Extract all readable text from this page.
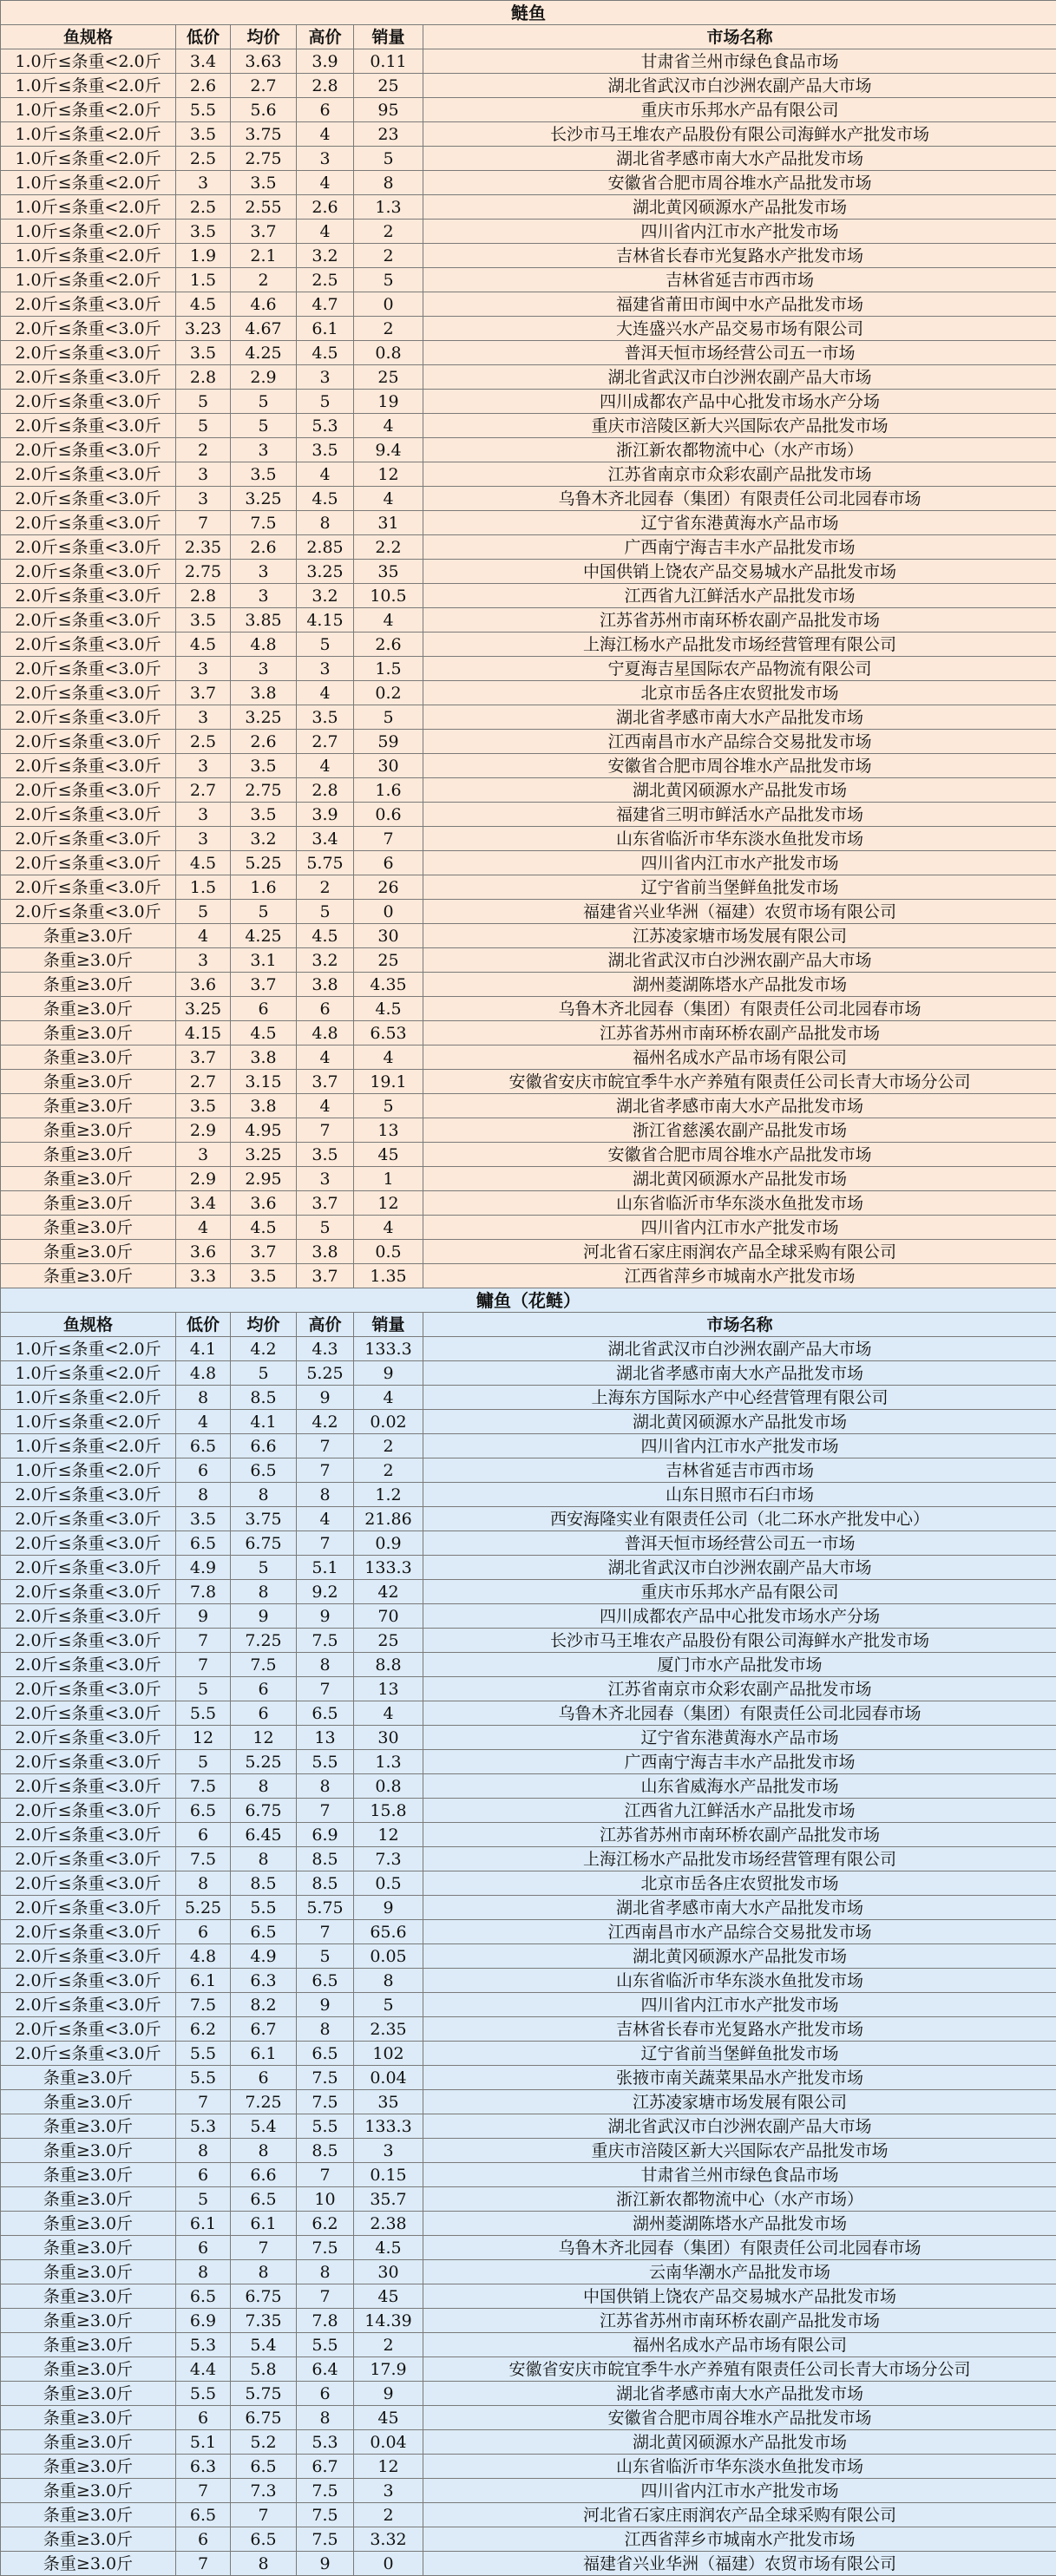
鲢鱼					
鱼规格	低价	均价	高价	销量	市场名称
1.0斤≤条重<2.0斤	3.4	3.63	3.9	0.11	甘肃省兰州市绿色食品市场
1.0斤≤条重<2.0斤	2.6	2.7	2.8	25	湖北省武汉市白沙洲农副产品大市场
1.0斤≤条重<2.0斤	5.5	5.6	6	95	重庆市乐邦水产品有限公司
1.0斤≤条重<2.0斤	3.5	3.75	4	23	长沙市马王堆农产品股份有限公司海鲜水产批发市场
1.0斤≤条重<2.0斤	2.5	2.75	3	5	湖北省孝感市南大水产品批发市场
1.0斤≤条重<2.0斤	3	3.5	4	8	安徽省合肥市周谷堆水产品批发市场
1.0斤≤条重<2.0斤	2.5	2.55	2.6	1.3	湖北黄冈硕源水产品批发市场
1.0斤≤条重<2.0斤	3.5	3.7	4	2	四川省内江市水产批发市场
1.0斤≤条重<2.0斤	1.9	2.1	3.2	2	吉林省长春市光复路水产批发市场
1.0斤≤条重<2.0斤	1.5	2	2.5	5	吉林省延吉市西市场
2.0斤≤条重<3.0斤	4.5	4.6	4.7	0	福建省莆田市闽中水产品批发市场
2.0斤≤条重<3.0斤	3.23	4.67	6.1	2	大连盛兴水产品交易市场有限公司
2.0斤≤条重<3.0斤	3.5	4.25	4.5	0.8	普洱天恒市场经营公司五一市场
2.0斤≤条重<3.0斤	2.8	2.9	3	25	湖北省武汉市白沙洲农副产品大市场
2.0斤≤条重<3.0斤	5	5	5	19	四川成都农产品中心批发市场水产分场
2.0斤≤条重<3.0斤	5	5	5.3	4	重庆市涪陵区新大兴国际农产品批发市场
2.0斤≤条重<3.0斤	2	3	3.5	9.4	浙江新农都物流中心（水产市场）
2.0斤≤条重<3.0斤	3	3.5	4	12	江苏省南京市众彩农副产品批发市场
2.0斤≤条重<3.0斤	3	3.25	4.5	4	乌鲁木齐北园春（集团）有限责任公司北园春市场
2.0斤≤条重<3.0斤	7	7.5	8	31	辽宁省东港黄海水产品市场
2.0斤≤条重<3.0斤	2.35	2.6	2.85	2.2	广西南宁海吉丰水产品批发市场
2.0斤≤条重<3.0斤	2.75	3	3.25	35	中国供销上饶农产品交易城水产品批发市场
2.0斤≤条重<3.0斤	2.8	3	3.2	10.5	江西省九江鲜活水产品批发市场
2.0斤≤条重<3.0斤	3.5	3.85	4.15	4	江苏省苏州市南环桥农副产品批发市场
2.0斤≤条重<3.0斤	4.5	4.8	5	2.6	上海江杨水产品批发市场经营管理有限公司
2.0斤≤条重<3.0斤	3	3	3	1.5	宁夏海吉星国际农产品物流有限公司
2.0斤≤条重<3.0斤	3.7	3.8	4	0.2	北京市岳各庄农贸批发市场
2.0斤≤条重<3.0斤	3	3.25	3.5	5	湖北省孝感市南大水产品批发市场
2.0斤≤条重<3.0斤	2.5	2.6	2.7	59	江西南昌市水产品综合交易批发市场
2.0斤≤条重<3.0斤	3	3.5	4	30	安徽省合肥市周谷堆水产品批发市场
2.0斤≤条重<3.0斤	2.7	2.75	2.8	1.6	湖北黄冈硕源水产品批发市场
2.0斤≤条重<3.0斤	3	3.5	3.9	0.6	福建省三明市鲜活水产品批发市场
2.0斤≤条重<3.0斤	3	3.2	3.4	7	山东省临沂市华东淡水鱼批发市场
2.0斤≤条重<3.0斤	4.5	5.25	5.75	6	四川省内江市水产批发市场
2.0斤≤条重<3.0斤	1.5	1.6	2	26	辽宁省前当堡鲜鱼批发市场
2.0斤≤条重<3.0斤	5	5	5	0	福建省兴业华洲（福建）农贸市场有限公司
条重≥3.0斤	4	4.25	4.5	30	江苏凌家塘市场发展有限公司
条重≥3.0斤	3	3.1	3.2	25	湖北省武汉市白沙洲农副产品大市场
条重≥3.0斤	3.6	3.7	3.8	4.35	湖州菱湖陈塔水产品批发市场
条重≥3.0斤	3.25	6	6	4.5	乌鲁木齐北园春（集团）有限责任公司北园春市场
条重≥3.0斤	4.15	4.5	4.8	6.53	江苏省苏州市南环桥农副产品批发市场
条重≥3.0斤	3.7	3.8	4	4	福州名成水产品市场有限公司
条重≥3.0斤	2.7	3.15	3.7	19.1	安徽省安庆市皖宜季牛水产养殖有限责任公司长青大市场分公司
条重≥3.0斤	3.5	3.8	4	5	湖北省孝感市南大水产品批发市场
条重≥3.0斤	2.9	4.95	7	13	浙江省慈溪农副产品批发市场
条重≥3.0斤	3	3.25	3.5	45	安徽省合肥市周谷堆水产品批发市场
条重≥3.0斤	2.9	2.95	3	1	湖北黄冈硕源水产品批发市场
条重≥3.0斤	3.4	3.6	3.7	12	山东省临沂市华东淡水鱼批发市场
条重≥3.0斤	4	4.5	5	4	四川省内江市水产批发市场
条重≥3.0斤	3.6	3.7	3.8	0.5	河北省石家庄雨润农产品全球采购有限公司
条重≥3.0斤	3.3	3.5	3.7	1.35	江西省萍乡市城南水产批发市场
鳙鱼（花鲢）					
鱼规格	低价	均价	高价	销量	市场名称
1.0斤≤条重<2.0斤	4.1	4.2	4.3	133.3	湖北省武汉市白沙洲农副产品大市场
1.0斤≤条重<2.0斤	4.8	5	5.25	9	湖北省孝感市南大水产品批发市场
1.0斤≤条重<2.0斤	8	8.5	9	4	上海东方国际水产中心经营管理有限公司
1.0斤≤条重<2.0斤	4	4.1	4.2	0.02	湖北黄冈硕源水产品批发市场
1.0斤≤条重<2.0斤	6.5	6.6	7	2	四川省内江市水产批发市场
1.0斤≤条重<2.0斤	6	6.5	7	2	吉林省延吉市西市场
2.0斤≤条重<3.0斤	8	8	8	1.2	山东日照市石臼市场
2.0斤≤条重<3.0斤	3.5	3.75	4	21.86	西安海隆实业有限责任公司（北二环水产批发中心）
2.0斤≤条重<3.0斤	6.5	6.75	7	0.9	普洱天恒市场经营公司五一市场
2.0斤≤条重<3.0斤	4.9	5	5.1	133.3	湖北省武汉市白沙洲农副产品大市场
2.0斤≤条重<3.0斤	7.8	8	9.2	42	重庆市乐邦水产品有限公司
2.0斤≤条重<3.0斤	9	9	9	70	四川成都农产品中心批发市场水产分场
2.0斤≤条重<3.0斤	7	7.25	7.5	25	长沙市马王堆农产品股份有限公司海鲜水产批发市场
2.0斤≤条重<3.0斤	7	7.5	8	8.8	厦门市水产品批发市场
2.0斤≤条重<3.0斤	5	6	7	13	江苏省南京市众彩农副产品批发市场
2.0斤≤条重<3.0斤	5.5	6	6.5	4	乌鲁木齐北园春（集团）有限责任公司北园春市场
2.0斤≤条重<3.0斤	12	12	13	30	辽宁省东港黄海水产品市场
2.0斤≤条重<3.0斤	5	5.25	5.5	1.3	广西南宁海吉丰水产品批发市场
2.0斤≤条重<3.0斤	7.5	8	8	0.8	山东省威海水产品批发市场
2.0斤≤条重<3.0斤	6.5	6.75	7	15.8	江西省九江鲜活水产品批发市场
2.0斤≤条重<3.0斤	6	6.45	6.9	12	江苏省苏州市南环桥农副产品批发市场
2.0斤≤条重<3.0斤	7.5	8	8.5	7.3	上海江杨水产品批发市场经营管理有限公司
2.0斤≤条重<3.0斤	8	8.5	8.5	0.5	北京市岳各庄农贸批发市场
2.0斤≤条重<3.0斤	5.25	5.5	5.75	9	湖北省孝感市南大水产品批发市场
2.0斤≤条重<3.0斤	6	6.5	7	65.6	江西南昌市水产品综合交易批发市场
2.0斤≤条重<3.0斤	4.8	4.9	5	0.05	湖北黄冈硕源水产品批发市场
2.0斤≤条重<3.0斤	6.1	6.3	6.5	8	山东省临沂市华东淡水鱼批发市场
2.0斤≤条重<3.0斤	7.5	8.2	9	5	四川省内江市水产批发市场
2.0斤≤条重<3.0斤	6.2	6.7	8	2.35	吉林省长春市光复路水产批发市场
2.0斤≤条重<3.0斤	5.5	6.1	6.5	102	辽宁省前当堡鲜鱼批发市场
条重≥3.0斤	5.5	6	7.5	0.04	张掖市南关蔬菜果品水产批发市场
条重≥3.0斤	7	7.25	7.5	35	江苏凌家塘市场发展有限公司
条重≥3.0斤	5.3	5.4	5.5	133.3	湖北省武汉市白沙洲农副产品大市场
条重≥3.0斤	8	8	8.5	3	重庆市涪陵区新大兴国际农产品批发市场
条重≥3.0斤	6	6.6	7	0.15	甘肃省兰州市绿色食品市场
条重≥3.0斤	5	6.5	10	35.7	浙江新农都物流中心（水产市场）
条重≥3.0斤	6.1	6.1	6.2	2.38	湖州菱湖陈塔水产品批发市场
条重≥3.0斤	6	7	7.5	4.5	乌鲁木齐北园春（集团）有限责任公司北园春市场
条重≥3.0斤	8	8	8	30	云南华潮水产品批发市场
条重≥3.0斤	6.5	6.75	7	45	中国供销上饶农产品交易城水产品批发市场
条重≥3.0斤	6.9	7.35	7.8	14.39	江苏省苏州市南环桥农副产品批发市场
条重≥3.0斤	5.3	5.4	5.5	2	福州名成水产品市场有限公司
条重≥3.0斤	4.4	5.8	6.4	17.9	安徽省安庆市皖宜季牛水产养殖有限责任公司长青大市场分公司
条重≥3.0斤	5.5	5.75	6	9	湖北省孝感市南大水产品批发市场
条重≥3.0斤	6	6.75	8	45	安徽省合肥市周谷堆水产品批发市场
条重≥3.0斤	5.1	5.2	5.3	0.04	湖北黄冈硕源水产品批发市场
条重≥3.0斤	6.3	6.5	6.7	12	山东省临沂市华东淡水鱼批发市场
条重≥3.0斤	7	7.3	7.5	3	四川省内江市水产批发市场
条重≥3.0斤	6.5	7	7.5	2	河北省石家庄雨润农产品全球采购有限公司
条重≥3.0斤	6	6.5	7.5	3.32	江西省萍乡市城南水产批发市场
条重≥3.0斤	7	8	9	0	福建省兴业华洲（福建）农贸市场有限公司
